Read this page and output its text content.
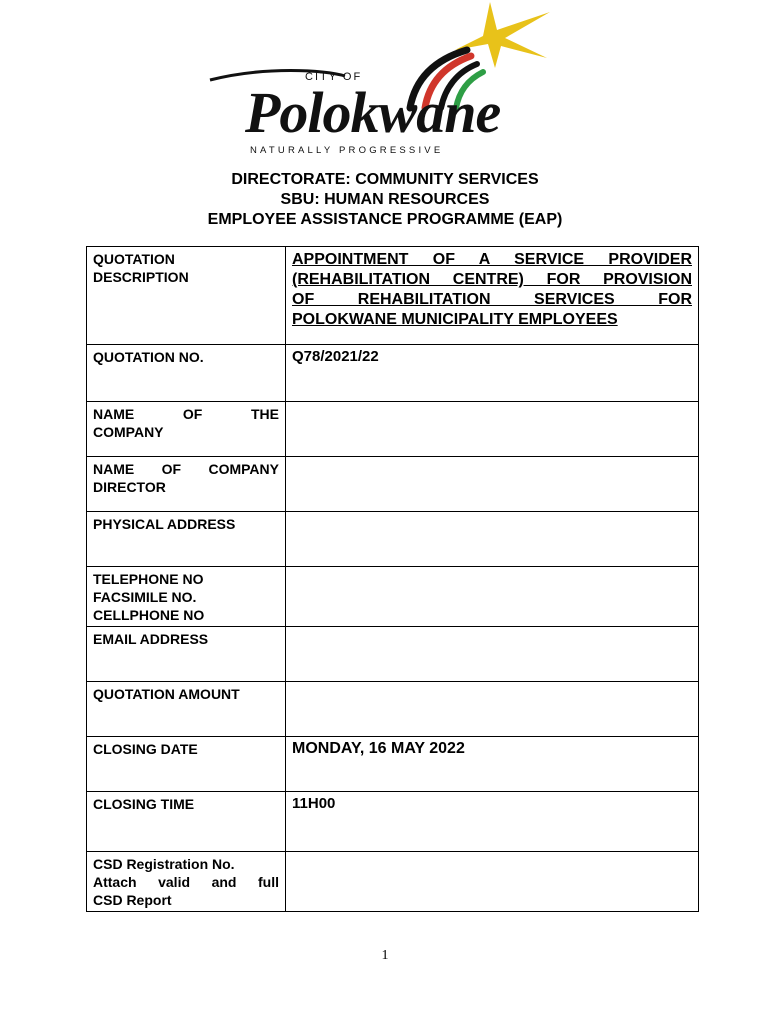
CITY OF
Polokwane
NATURALLY PROGRESSIVE
DIRECTORATE: COMMUNITY SERVICES
SBU: HUMAN RESOURCES
EMPLOYEE ASSISTANCE PROGRAMME (EAP)
QUOTATION
DESCRIPTION	APPOINTMENT OF A SERVICE PROVIDER
(REHABILITATION CENTRE) FOR PROVISION
OF REHABILITATION SERVICES FOR
POLOKWANE MUNICIPALITY EMPLOYEES

QUOTATION NO.	Q78/2021/22

NAME OF THE
COMPANY	

NAME OF COMPANY
DIRECTOR	

PHYSICAL ADDRESS	

TELEPHONE NO
FACSIMILE NO.
CELLPHONE NO	

EMAIL ADDRESS	
QUOTATION AMOUNT	
CLOSING DATE	MONDAY, 16 MAY 2022
CLOSING TIME	11H00

CSD Registration No.
Attach valid and full
CSD Report	

1
